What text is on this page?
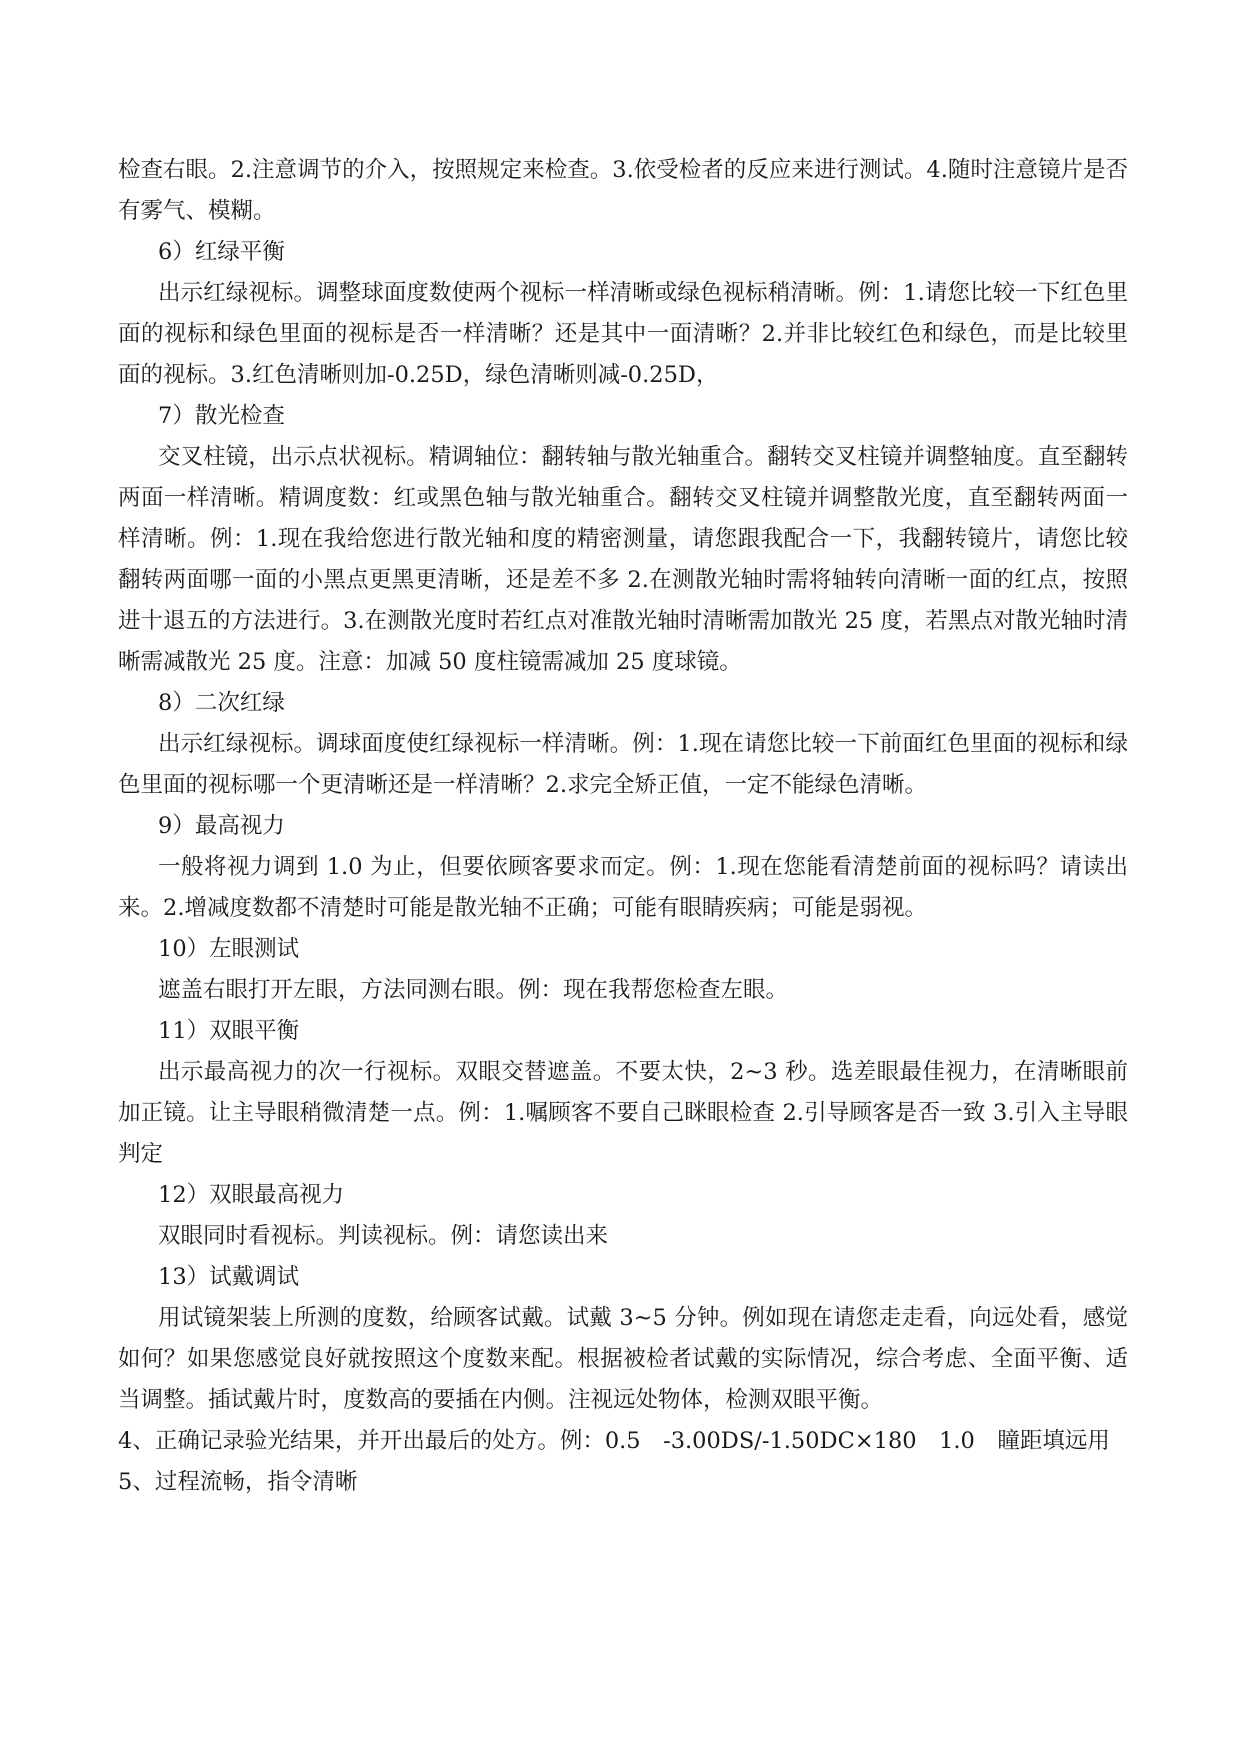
检查右眼。2.注意调节的介入，按照规定来检查。3.依受检者的反应来进行测试。4.随时注意镜片是否有雾气、模糊。

6）红绿平衡

出示红绿视标。调整球面度数使两个视标一样清晰或绿色视标稍清晰。例：1.请您比较一下红色里面的视标和绿色里面的视标是否一样清晰？还是其中一面清晰？2.并非比较红色和绿色，而是比较里面的视标。3.红色清晰则加-0.25D，绿色清晰则减-0.25D，

7）散光检查

交叉柱镜，出示点状视标。精调轴位：翻转轴与散光轴重合。翻转交叉柱镜并调整轴度。直至翻转两面一样清晰。精调度数：红或黑色轴与散光轴重合。翻转交叉柱镜并调整散光度，直至翻转两面一样清晰。例：1.现在我给您进行散光轴和度的精密测量，请您跟我配合一下，我翻转镜片，请您比较翻转两面哪一面的小黑点更黑更清晰，还是差不多 2.在测散光轴时需将轴转向清晰一面的红点，按照进十退五的方法进行。3.在测散光度时若红点对准散光轴时清晰需加散光 25 度，若黑点对散光轴时清晰需减散光 25 度。注意：加减 50 度柱镜需减加 25 度球镜。

8）二次红绿

出示红绿视标。调球面度使红绿视标一样清晰。例：1.现在请您比较一下前面红色里面的视标和绿色里面的视标哪一个更清晰还是一样清晰？2.求完全矫正值，一定不能绿色清晰。

9）最高视力

一般将视力调到 1.0 为止，但要依顾客要求而定。例：1.现在您能看清楚前面的视标吗？请读出来。2.增减度数都不清楚时可能是散光轴不正确；可能有眼睛疾病；可能是弱视。

10）左眼测试

遮盖右眼打开左眼，方法同测右眼。例：现在我帮您检查左眼。

11）双眼平衡

出示最高视力的次一行视标。双眼交替遮盖。不要太快，2~3 秒。选差眼最佳视力，在清晰眼前加正镜。让主导眼稍微清楚一点。例：1.嘱顾客不要自己眯眼检查 2.引导顾客是否一致 3.引入主导眼判定

12）双眼最高视力

双眼同时看视标。判读视标。例：请您读出来

13）试戴调试

用试镜架装上所测的度数，给顾客试戴。试戴 3~5 分钟。例如现在请您走走看，向远处看，感觉如何？如果您感觉良好就按照这个度数来配。根据被检者试戴的实际情况，综合考虑、全面平衡、适当调整。插试戴片时，度数高的要插在内侧。注视远处物体，检测双眼平衡。

4、正确记录验光结果，并开出最后的处方。例：0.5　-3.00DS/-1.50DC×180　1.0　瞳距填远用

5、过程流畅，指令清晰
